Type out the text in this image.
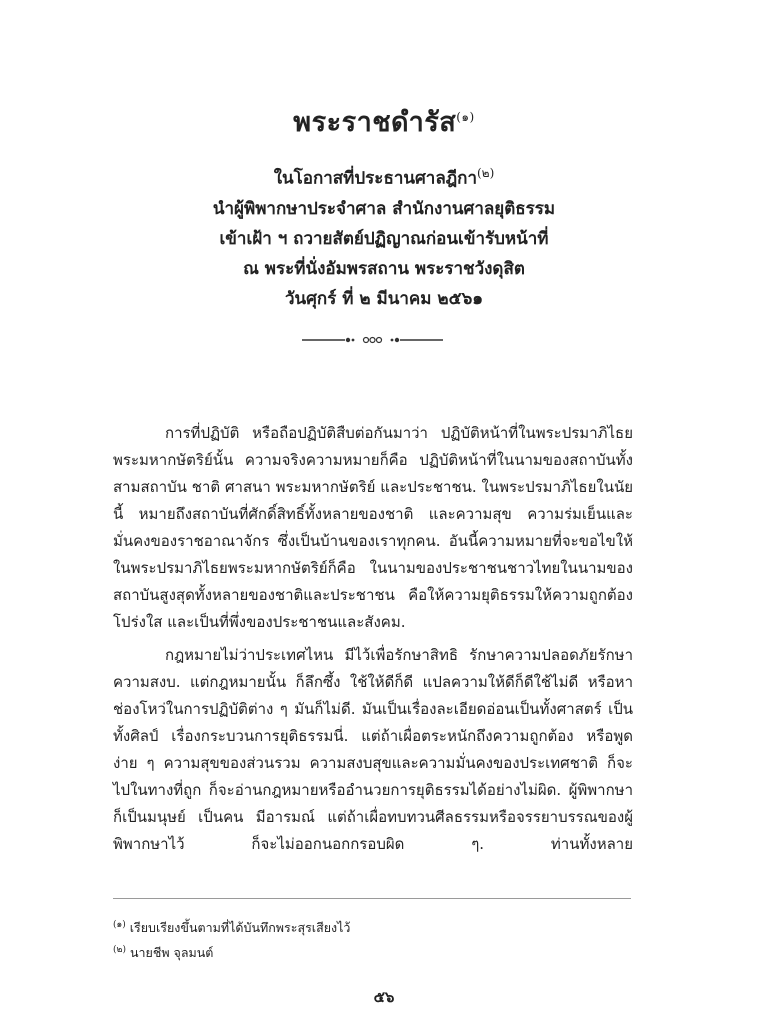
พระราชดำรัส$^{(๑)}$
ในโอกาสที่ประธานศาลฎีกา$^{(๒)}$
นำผู้พิพากษาประจำศาล สำนักงานศาลยุติธรรม
เข้าเฝ้า ฯ ถวายสัตย์ปฏิญาณก่อนเข้ารับหน้าที่
ณ พระที่นั่งอัมพรสถาน พระราชวังดุสิต
วันศุกร์ ที่ ๒ มีนาคม ๒๕๖๑

การที่ปฏิบัติ หรือถือปฏิบัติสืบต่อกันมาว่า ปฏิบัติหน้าที่ในพระปรมาภิไธยพระมหากษัตริย์นั้น ความจริงความหมายก็คือ ปฏิบัติหน้าที่ในนามของสถาบันทั้งสามสถาบัน ชาติ ศาสนา พระมหากษัตริย์ และประชาชน. ในพระปรมาภิไธยในนัยนี้ หมายถึงสถาบันที่ศักดิ์สิทธิ์ทั้งหลายของชาติ และความสุข ความร่มเย็นและมั่นคงของราชอาณาจักร ซึ่งเป็นบ้านของเราทุกคน. อันนี้ความหมายที่จะขอไขให้ ในพระปรมาภิไธยพระมหากษัตริย์ก็คือ ในนามของประชาชนชาวไทยในนามของสถาบันสูงสุดทั้งหลายของชาติและประชาชน คือให้ความยุติธรรมให้ความถูกต้อง โปร่งใส และเป็นที่พึ่งของประชาชนและสังคม.

กฎหมายไม่ว่าประเทศไหน มีไว้เพื่อรักษาสิทธิ รักษาความปลอดภัยรักษาความสงบ. แต่กฎหมายนั้น ก็ลึกซึ้ง ใช้ให้ดีก็ดี แปลความให้ดีก็ดีใช้ไม่ดี หรือหาช่องโหว่ในการปฏิบัติต่าง ๆ มันก็ไม่ดี. มันเป็นเรื่องละเอียดอ่อนเป็นทั้งศาสตร์ เป็นทั้งศิลป์ เรื่องกระบวนการยุติธรรมนี่. แต่ถ้าเผื่อตระหนักถึงความถูกต้อง หรือพูดง่าย ๆ ความสุขของส่วนรวม ความสงบสุขและความมั่นคงของประเทศชาติ ก็จะไปในทางที่ถูก ก็จะอ่านกฎหมายหรืออำนวยการยุติธรรมได้อย่างไม่ผิด. ผู้พิพากษาก็เป็นมนุษย์ เป็นคน มีอารมณ์ แต่ถ้าเผื่อทบทวนศีลธรรมหรือจรรยาบรรณของผู้พิพากษาไว้ ก็จะไม่ออกนอกกรอบผิด ๆ. ท่านทั้งหลาย

$^{(๑)}$ เรียบเรียงขึ้นตามที่ได้บันทึกพระสุรเสียงไว้
$^{(๒)}$ นายชีพ จุลมนต์
๕๖
